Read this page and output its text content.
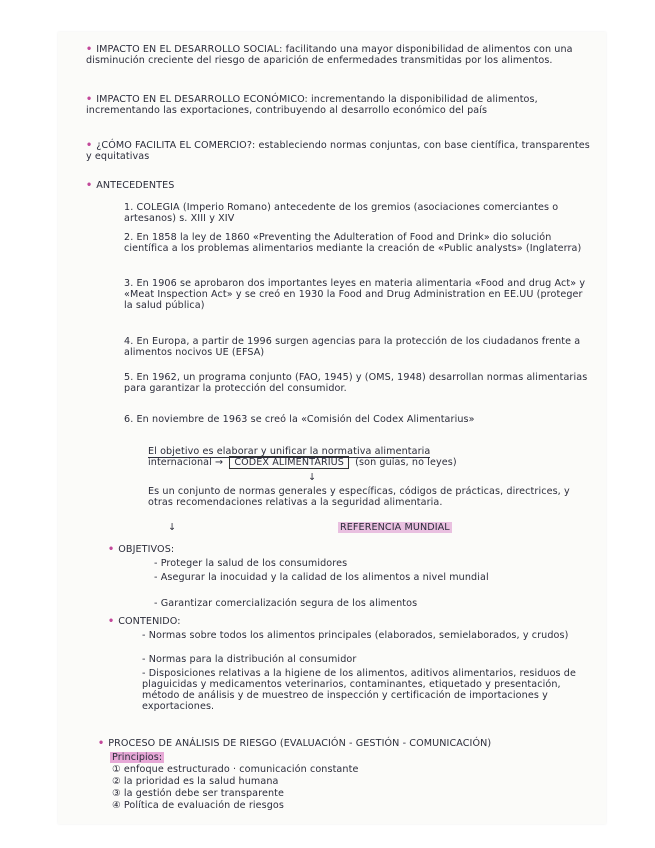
• IMPACTO EN EL DESARROLLO SOCIAL: facilitando una mayor disponibilidad de alimentos con una disminución creciente del riesgo de aparición de enfermedades transmitidas por los alimentos.
• IMPACTO EN EL DESARROLLO ECONÓMICO: incrementando la disponibilidad de alimentos, incrementando las exportaciones, contribuyendo al desarrollo económico del país
• ¿CÓMO FACILITA EL COMERCIO?: estableciendo normas conjuntas, con base científica, transparentes y equitativas
• ANTECEDENTES
1. COLEGIA (Imperio Romano) antecedente de los gremios (asociaciones comerciantes o artesanos) s. XIII y XIV
2. En 1858 la ley de 1860 «Preventing the Adulteration of Food and Drink» dio solución científica a los problemas alimentarios mediante la creación de «Public analysts» (Inglaterra)
3. En 1906 se aprobaron dos importantes leyes en materia alimentaria «Food and drug Act» y «Meat Inspection Act» y se creó en 1930 la Food and Drug Administration en EE.UU (proteger la salud pública)
4. En Europa, a partir de 1996 surgen agencias para la protección de los ciudadanos frente a alimentos nocivos UE (EFSA)
5. En 1962, un programa conjunto (FAO, 1945) y (OMS, 1948) desarrollan normas alimentarias para garantizar la protección del consumidor.
6. En noviembre de 1963 se creó la «Comisión del Codex Alimentarius»
El objetivo es elaborar y unificar la normativa alimentaria
internacional → CODEX ALIMENTARIUS (son guías, no leyes)
↓
Es un conjunto de normas generales y específicas, códigos de prácticas, directrices, y otras recomendaciones relativas a la seguridad alimentaria.
↓	REFERENCIA MUNDIAL
• OBJETIVOS:
- Proteger la salud de los consumidores
- Asegurar la inocuidad y la calidad de los alimentos a nivel mundial
- Garantizar comercialización segura de los alimentos
• CONTENIDO:
- Normas sobre todos los alimentos principales (elaborados, semielaborados, y crudos)
- Normas para la distribución al consumidor
- Disposiciones relativas a la higiene de los alimentos, aditivos alimentarios, residuos de plaguicidas y medicamentos veterinarios, contaminantes, etiquetado y presentación, método de análisis y de muestreo de inspección y certificación de importaciones y exportaciones.
• PROCESO DE ANÁLISIS DE RIESGO (EVALUACIÓN - GESTIÓN - COMUNICACIÓN)
Principios:
① enfoque estructurado · comunicación constante
② la prioridad es la salud humana
③ la gestión debe ser transparente
④ Política de evaluación de riesgos
